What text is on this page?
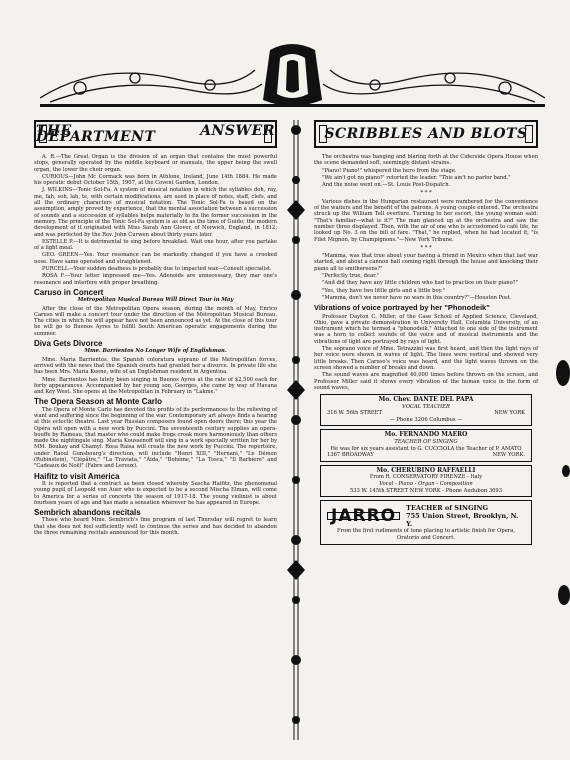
THE ANSWER DEPARTMENT

A. R.—The Great Organ is the division of an organ that contains the most powerful stops, generally operated by the middle keyboard or manuals, the upper being the swell organ, the lower the choir organ.

CURIOUS—John Mc Cormack was born in Athlone, Ireland, June 14th 1884. He made his operatic debut October 15th, 1907, at the Covent Garden, London.

J. WILKINS—Tonic Sol-Fa. A system of musical notation in which the syllables doh, ray, me, fah, soh, lah, te, with certain modifications, are used in place of notes, staff, clefs, and all the ordinary characters of musical notation. The Tonic Sol-Fa is based on the assumption, amply proved by experience, that the mental association between a succession of sounds and a succession of syllables helps materially to fix the former succession in the memory. The principle of the Tonic Sol-Fa system is as old as the time of Guido; the modern development of it originated with Miss Sarah Ann Glover, of Norwich, England, in 1812, and was perfected by the Rev. John Curwen about thirty years later.

ESTELLE P.—It is detrimental to sing before breakfast. Wait one hour, after you partake of a light meal.

GEO. GREEN—Yes. Your resonance can be markedly changed if you have a crooked nose. Have same operated and straightened.

PURCELL—Your sudden deafness is probably due to impacted wax—Consult specialist.

ROSA F.—Your letter impressed me—Yes. Adenoids are unnecessary, they mar one's resonance and interfere with proper breathing.

Caruso in Concert
Metropolitan Musical Bureau Will Direct Tour in May

After the close of the Metropolitan Opera season, during the month of May, Enrico Caruso will make a concert tour under the direction of the Metropolitan Musical Bureau. The cities in which he will appear have not been announced as yet. At the close of this tour he will go to Buenos Ayres to fulfill South American operatic engagements during the summer.

Diva Gets Divorce
Mme. Barrientos No Longer Wife of Englishman.

Mme. Maria Barrientos, the Spanish coloratura soprano of the Metropolitan forces, arrived with the news that the Spanish courts had granted her a divorce. In private life she has been Mrs. Maria Keene, wife of an Englishman resident in Argentina.

Mme. Barrientos has lately been singing in Buenos Ayres at the rate of $2,500 each for forty appearances. Accompanied by her young son, Georges, she came by way of Havana and Key West. She opens at the Metropolitan in February in "Lakme."

The Opera Season at Monte Carlo

The Opera of Monte Carlo has devoted the profits of its performances to the relieving of want and suffering since the beginning of the war. Contemporary art always finds a hearing at this eclectic theatre. Last year Russian composers found open doors there; this year the Opéra will open with a new work by Puccini. The seventeenth century supplies an opera-bouffe by Rameau, that master who could make frogs croak more harmoniously than others made the nightingale sing. Maria Koussenoff will sing in a work specially written for her by MM. Boukay and Chamyl. Rosa Raisa will create the new work by Puccini. The repertoire, under Raoul Gunsbourg's direction, will include "Henri XIII," "Hernani," "Le Démon (Rubinstein), "Clépâtre," "La Traviata," "Aida," "Bohême," "La Tosca," "Il Barbiere" and "Cadeaux de Noël" (Fabre and Leroux).

Haifitz to visit America

It is reported that a contract as been closed whereby Sascha Haifitz, the phenomenal young pupil of Leopold von Auer who is expected to be a second Mischa Elman, will come to America for a series of concerts the season of 1917-18. The young violinist is about fourteen years of age and has made a sensation wherever he has appeared in Europe.

Sembrich abandons recitals

Those who heard Mme. Sembrich's fine program of last Thursday will regret to learn that she does not feel sufficiently well to continue the series and has decided to abandon the three remaining recitals announced for this month.

SCRIBBLES AND BLOTS

The orchestra was banging and blaring forth at the Ciderside Opera House when the scene demanded soft, seemingly distant strains.

"Piano! Piano!" whispered the hero from the stage.

"We ain't got no piano!" retorted the leader. "This ain't no parlor band."

And the noise went on.—St. Louis Post-Dispatch.

* * *

Various dishes in the Hungarian restaurant were numbered for the convenience of the waiters and the benefit of the patrons. A young couple entered. The orchestra struck up the William Tell overture. Turning to her escort, the young woman said: "That's familiar—what is it?" The man glanced up at the orchestra and saw the number three displayed. Then, with the air of one who is accustomed to café life, he looked up No. 3 on the bill of fare. "That," he replied, when he had located it, "is Filet Mignon, by Champignons."—New York Tribune.

* * *

"Mamma, was that true about your having a friend in Mexico when that last war started, and about a cannon ball coming right through the house and knocking their piano all to smithereens?"

"Perfectly true, dear."

"And did they have any little children who had to practice on their piano?"

"Yes, they have two little girls and a little boy."

"Mamma, don't we never have no wars in this country?"—Houston Post.

Vibrations of voice portrayed by her "Phonodeik"

Professor Dayton C. Miller, of the Case School of Applied Science, Cleveland, Ohio, gave a private demonstration in University Hall, Columbia University, of an instrument which he termed a "phonodeik." Attached to one side of the instrument was a horn to collect sounds of the voice and of musical instruments and the vibrations of light are portrayed by rays of light.

The soprano voice of Mme. Tetrazzini was first heard, and then the light rays of her voice were shown in waves of light. The lines were vertical and showed very little breaks. Then Caruso's voice was heard, and the light waves thrown on the screen showed a number of breaks and down.

The sound waves are magnified 40,000 times before thrown on the screen, and Professor Miller said it shows every vibration of the human voice in the form of sound waves,

Mo. Chev. DANTE DEL PAPA
VOCAL TEACHER
316 W. 56th STREET	NEW YORK
— Phone 3206 Columbus —
Mo. FERNANDO MAERO
TEACHER OF SINGING
He was for six years assistant to G. CUCCIOLA the Teacher of P. AMATO
1367 BROADWAY	NEW YORK.
Mo. CHERUBINO RAFFAELLI
From R. CONSERVATORY FIRENZE - Italy
Vocal - Piano - Organ - Composition
533 W. 145th STREET NEW YORK - Phone Audubon 3693
JARRO	TEACHER of SINGING
755 Union Street, Brooklyn, N. Y.
From the first rudiments of tone placing to artistic finish for Opera, Oratorio and Concert.
